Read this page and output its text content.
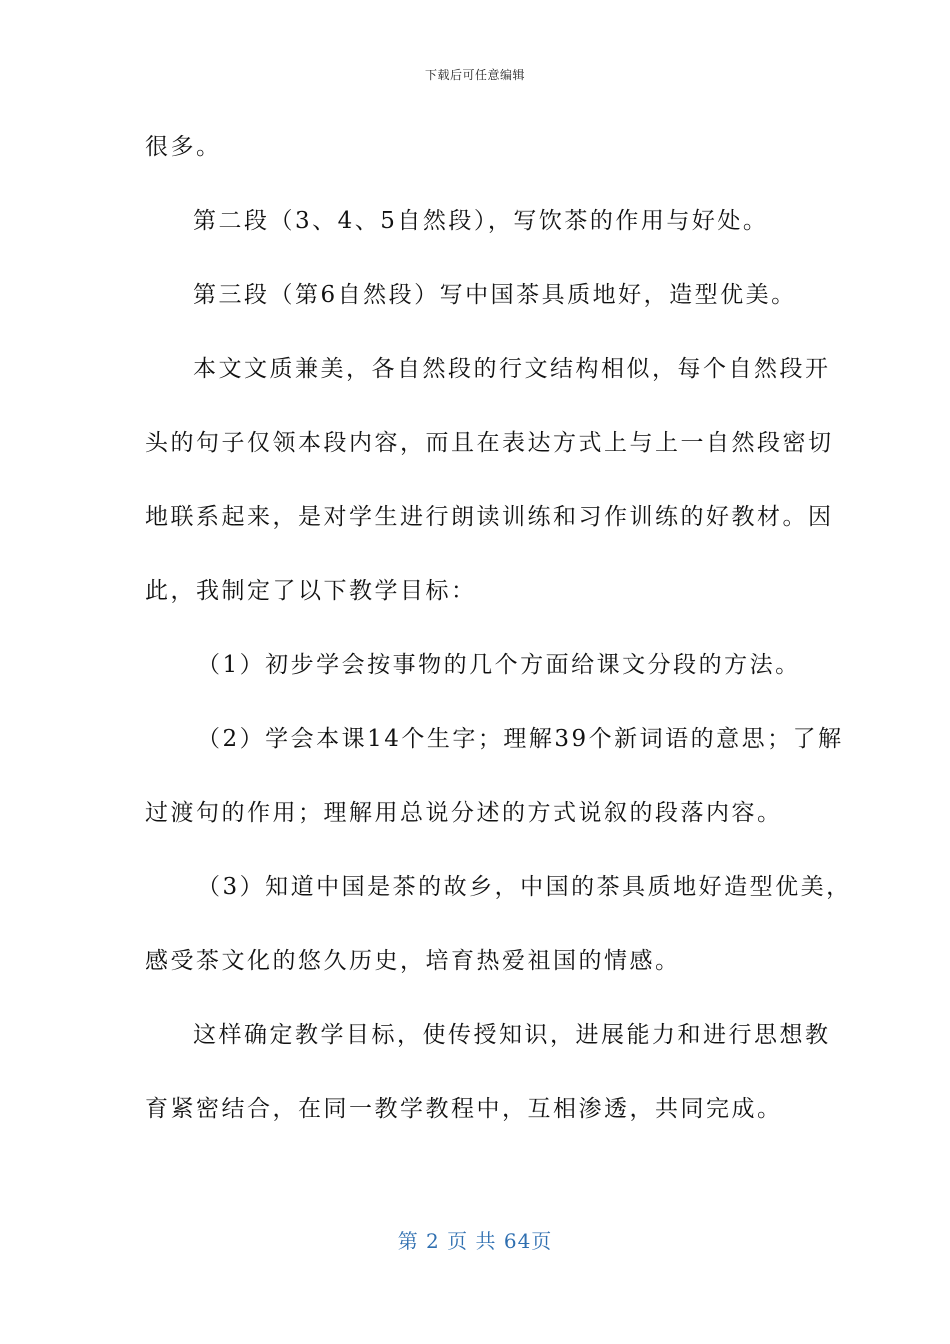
下载后可任意编辑
很多。
第二段（3、4、5自然段），写饮茶的作用与好处。
第三段（第6自然段）写中国茶具质地好，造型优美。
本文文质兼美，各自然段的行文结构相似，每个自然段开
头的句子仅领本段内容，而且在表达方式上与上一自然段密切
地联系起来，是对学生进行朗读训练和习作训练的好教材。因
此，我制定了以下教学目标：
（1）初步学会按事物的几个方面给课文分段的方法。
（2）学会本课14个生字；理解39个新词语的意思；了解
过渡句的作用；理解用总说分述的方式说叙的段落内容。
（3）知道中国是茶的故乡，中国的茶具质地好造型优美，
感受茶文化的悠久历史，培育热爱祖国的情感。
这样确定教学目标，使传授知识，进展能力和进行思想教
育紧密结合，在同一教学教程中，互相渗透，共同完成。
第 2 页 共 64页
